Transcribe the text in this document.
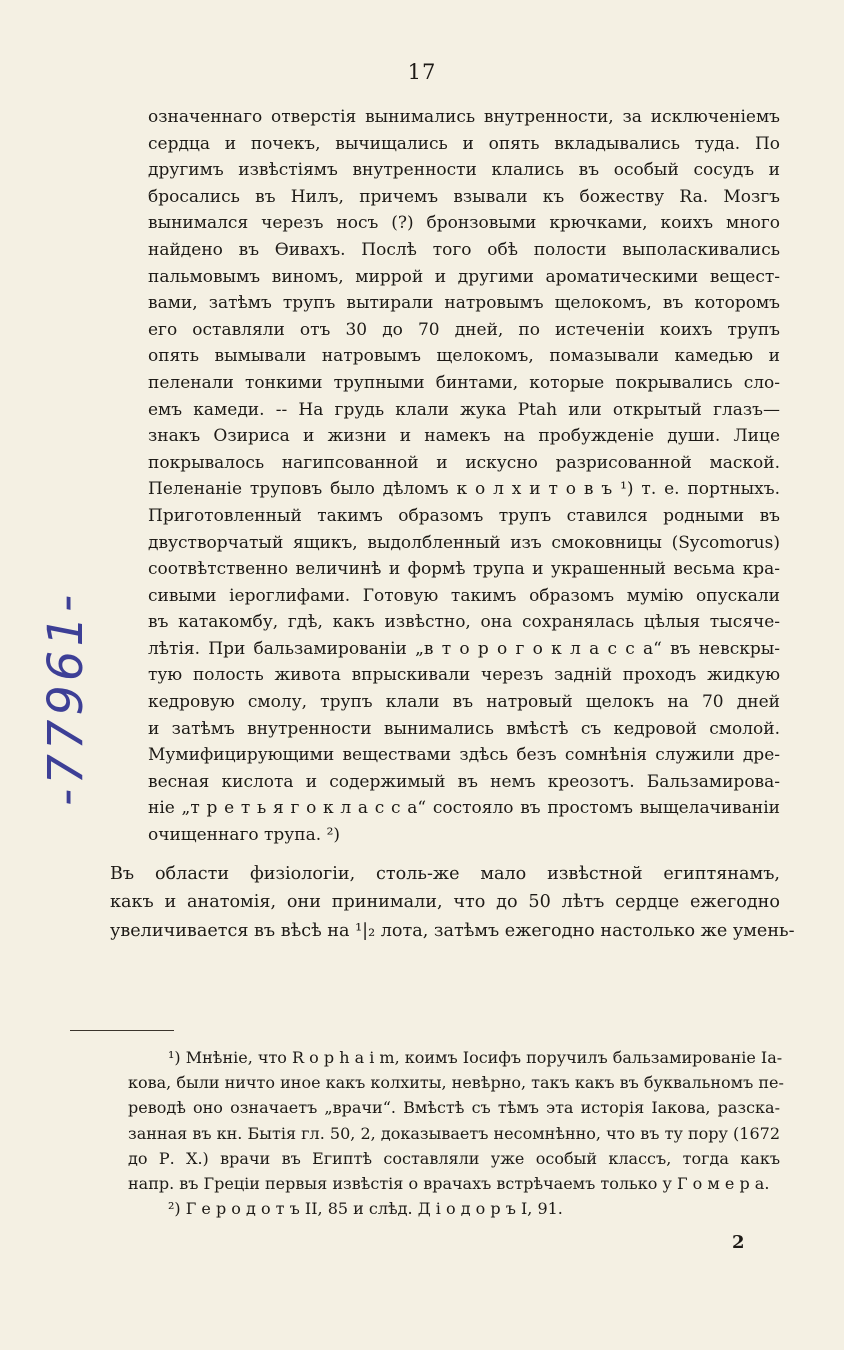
17
означеннаго отверстія вынимались внутренности, за исключеніемъ
сердца и почекъ, вычищались и опять вкладывались туда. По
другимъ извѣстіямъ внутренности клались въ особый сосудъ и
бросались въ Нилъ, причемъ взывали къ божеству Ra. Мозгъ
вынимался черезъ носъ (?) бронзовыми крючками, коихъ много
найдено въ Ѳивахъ. Послѣ того обѣ полости выполаскивались
пальмовымъ виномъ, миррой и другими ароматическими вещест-
вами, затѣмъ трупъ вытирали натровымъ щелокомъ, въ которомъ
его оставляли отъ 30 до 70 дней, по истеченіи коихъ трупъ
опять вымывали натровымъ щелокомъ, помазывали камедью и
пеленали тонкими трупными бинтами, которые покрывались сло-
емъ камеди. -- На грудь клали жука Ptah или открытый глазъ—
знакъ Озириса и жизни и намекъ на пробужденіе души. Лице
покрывалось нагипсованной и искусно разрисованной маской.
Пеленаніе труповъ было дѣломъ к о л х и т о в ъ ¹) т. е. портныхъ.
Приготовленный такимъ образомъ трупъ ставился родными въ
двустворчатый ящикъ, выдолбленный изъ смоковницы (Sycomorus)
соотвѣтственно величинѣ и формѣ трупа и украшенный весьма кра-
сивыми іероглифами. Готовую такимъ образомъ мумію опускали
въ катакомбу, гдѣ, какъ извѣстно, она сохранялась цѣлыя тысяче-
лѣтія. При бальзамированіи „в т о р о г о к л а с с а“ въ невскры-
тую полость живота впрыскивали черезъ задній проходъ жидкую
кедровую смолу, трупъ клали въ натровый щелокъ на 70 дней
и затѣмъ внутренности вынимались вмѣстѣ съ кедровой смолой.
Мумифицирующими веществами здѣсь безъ сомнѣнія служили дре-
весная кислота и содержимый въ немъ креозотъ. Бальзамирова-
ніе „т р е т ь я г о к л а с с а“ состояло въ простомъ выщелачиваніи
очищеннаго трупа. ²)
Въ области физіологіи, столь-же мало извѣстной египтянамъ,
какъ и анатомія, они принимали, что до 50 лѣтъ сердце ежегодно
увеличивается въ вѣсѣ на ¹|₂ лота, затѣмъ ежегодно настолько же умень-
¹) Мнѣніе, что R o p h a i m, коимъ Іосифъ поручилъ бальзамированіе Іа-
кова, были ничто иное какъ колхиты, невѣрно, такъ какъ въ буквальномъ пе-
реводѣ оно означаетъ „врачи“. Вмѣстѣ съ тѣмъ эта исторія Іакова, разска-
занная въ кн. Бытія гл. 50, 2, доказываетъ несомнѣнно, что въ ту пору (1672
до Р. Х.) врачи въ Египтѣ составляли уже особый классъ, тогда какъ
напр. въ Греціи первыя извѣстія о врачахъ встрѣчаемъ только у Г о м е р а.
²) Г е р о д о т ъ II, 85 и слѣд. Д і о д о р ъ I, 91.
2
-77961-
